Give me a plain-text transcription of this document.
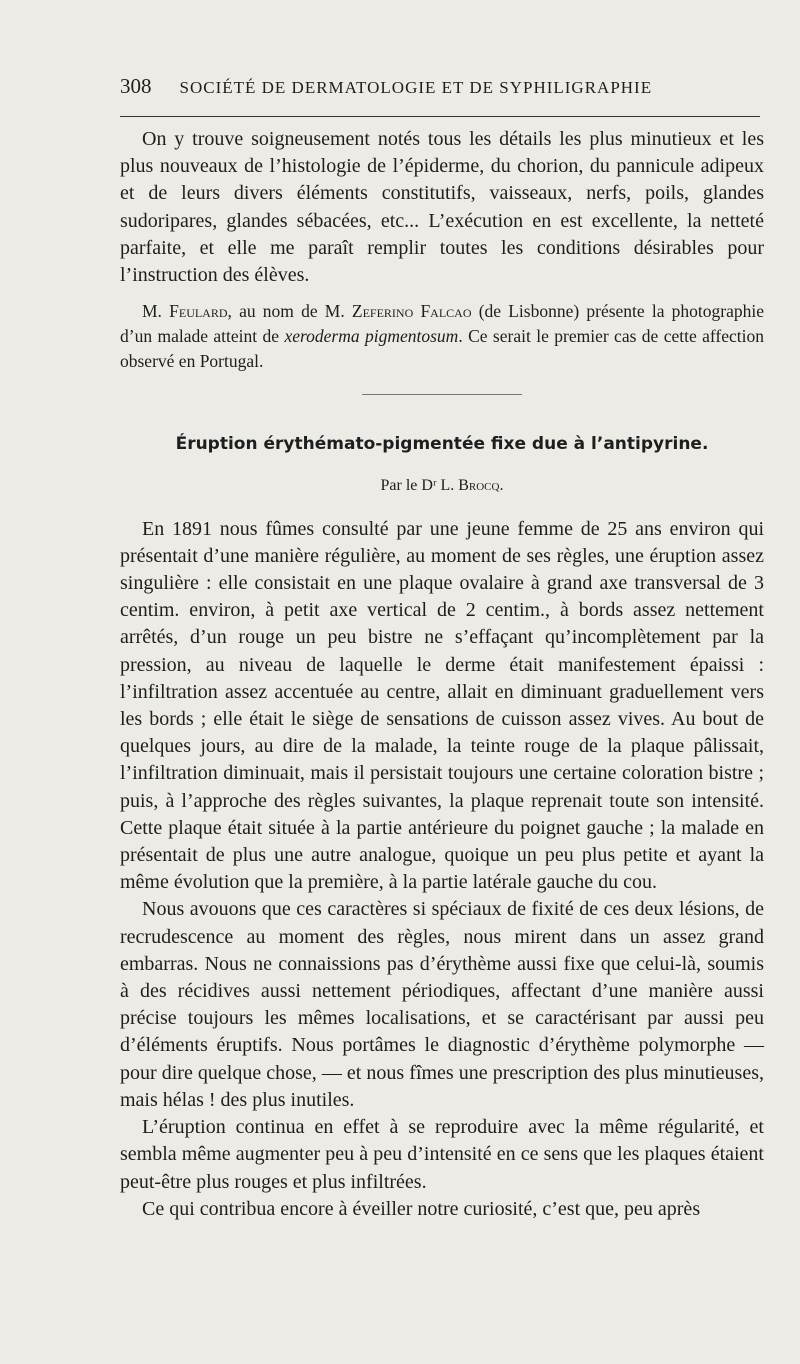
308 SOCIÉTÉ DE DERMATOLOGIE ET DE SYPHILIGRAPHIE

On y trouve soigneusement notés tous les détails les plus minutieux et les plus nouveaux de l’histologie de l’épiderme, du chorion, du pannicule adipeux et de leurs divers éléments constitutifs, vaisseaux, nerfs, poils, glandes sudoripares, glandes sébacées, etc... L’exécution en est excellente, la netteté parfaite, et elle me paraît remplir toutes les conditions désirables pour l’instruction des élèves.

M. Feulard, au nom de M. Zeferino Falcao (de Lisbonne) présente la photographie d’un malade atteint de xeroderma pigmentosum. Ce serait le premier cas de cette affection observé en Portugal.

Éruption érythémato-pigmentée fixe due à l’antipyrine.
Par le Dʳ L. Brocq.

En 1891 nous fûmes consulté par une jeune femme de 25 ans environ qui présentait d’une manière régulière, au moment de ses règles, une éruption assez singulière : elle consistait en une plaque ovalaire à grand axe transversal de 3 centim. environ, à petit axe vertical de 2 centim., à bords assez nettement arrêtés, d’un rouge un peu bistre ne s’effaçant qu’incomplètement par la pression, au niveau de laquelle le derme était manifestement épaissi : l’infiltration assez accentuée au centre, allait en diminuant graduellement vers les bords ; elle était le siège de sensations de cuisson assez vives. Au bout de quelques jours, au dire de la malade, la teinte rouge de la plaque pâlissait, l’infiltration diminuait, mais il persistait toujours une certaine coloration bistre ; puis, à l’approche des règles suivantes, la plaque reprenait toute son intensité. Cette plaque était située à la partie antérieure du poignet gauche ; la malade en présentait de plus une autre analogue, quoique un peu plus petite et ayant la même évolution que la première, à la partie latérale gauche du cou.

Nous avouons que ces caractères si spéciaux de fixité de ces deux lésions, de recrudescence au moment des règles, nous mirent dans un assez grand embarras. Nous ne connaissions pas d’érythème aussi fixe que celui-là, soumis à des récidives aussi nettement périodiques, affectant d’une manière aussi précise toujours les mêmes localisations, et se caractérisant par aussi peu d’éléments éruptifs. Nous portâmes le diagnostic d’érythème polymorphe — pour dire quelque chose, — et nous fîmes une prescription des plus minutieuses, mais hélas ! des plus inutiles.

L’éruption continua en effet à se reproduire avec la même régularité, et sembla même augmenter peu à peu d’intensité en ce sens que les plaques étaient peut-être plus rouges et plus infiltrées.

Ce qui contribua encore à éveiller notre curiosité, c’est que, peu après
